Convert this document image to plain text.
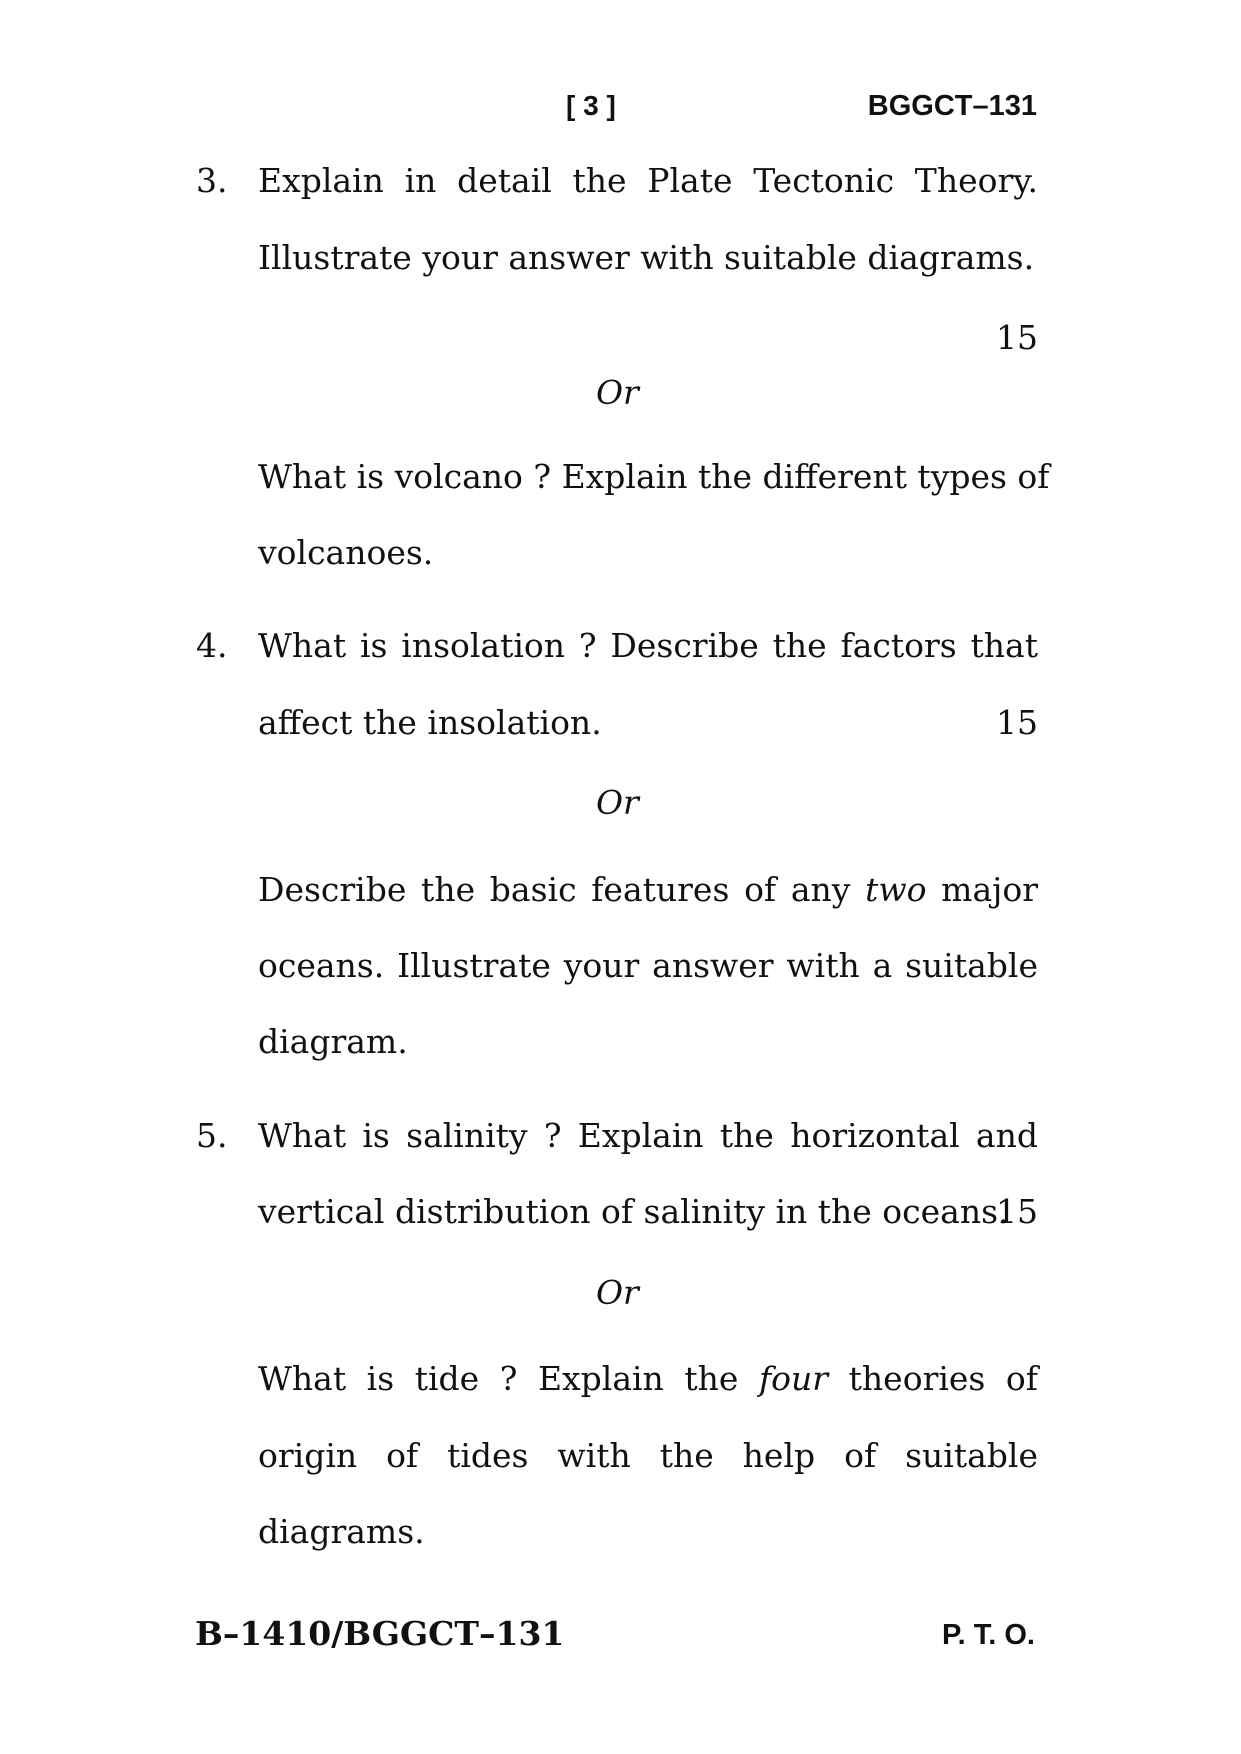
[ 3 ]	BGGCT–131
3. Explain in detail the Plate Tectonic Theory.
Illustrate your answer with suitable diagrams.
15
Or
What is volcano ? Explain the different types of
volcanoes.
4. What is insolation ? Describe the factors that
affect the insolation.	15
Or
Describe the basic features of any two major
oceans. Illustrate your answer with a suitable
diagram.
5. What is salinity ? Explain the horizontal and
vertical distribution of salinity in the oceans.
15
Or
What is tide ? Explain the four theories of
origin of tides with the help of suitable
diagrams.
B–1410/BGGCT–131	P. T. O.
